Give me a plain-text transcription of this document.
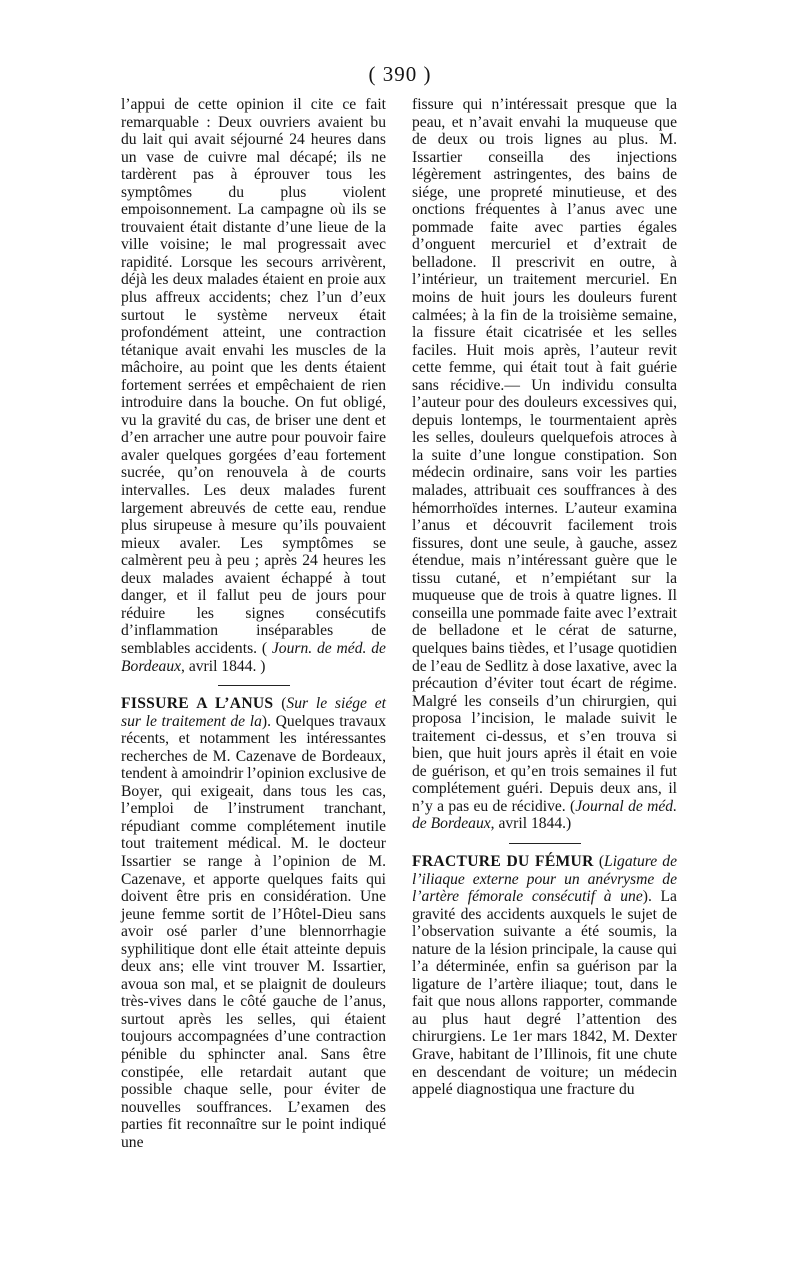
( 390 )

l’appui de cette opinion il cite ce fait remarquable : Deux ouvriers avaient bu du lait qui avait séjourné 24 heures dans un vase de cuivre mal décapé; ils ne tardèrent pas à éprouver tous les symptômes du plus violent empoisonnement. La campagne où ils se trouvaient était distante d’une lieue de la ville voisine; le mal progressait avec rapidité. Lorsque les secours arrivèrent, déjà les deux malades étaient en proie aux plus affreux accidents; chez l’un d’eux surtout le système nerveux était profondément atteint, une contraction tétanique avait envahi les muscles de la mâchoire, au point que les dents étaient fortement serrées et empêchaient de rien introduire dans la bouche. On fut obligé, vu la gravité du cas, de briser une dent et d’en arracher une autre pour pouvoir faire avaler quelques gorgées d’eau fortement sucrée, qu’on renouvela à de courts intervalles. Les deux malades furent largement abreuvés de cette eau, rendue plus sirupeuse à mesure qu’ils pouvaient mieux avaler. Les symptômes se calmèrent peu à peu ; après 24 heures les deux malades avaient échappé à tout danger, et il fallut peu de jours pour réduire les signes consécutifs d’inflammation inséparables de semblables accidents. ( Journ. de méd. de Bordeaux, avril 1844. )

FISSURE A L’ANUS (Sur le siége et sur le traitement de la). Quelques travaux récents, et notamment les intéressantes recherches de M. Cazenave de Bordeaux, tendent à amoindrir l’opinion exclusive de Boyer, qui exigeait, dans tous les cas, l’emploi de l’instrument tranchant, répudiant comme complétement inutile tout traitement médical. M. le docteur Issartier se range à l’opinion de M. Cazenave, et apporte quelques faits qui doivent être pris en considération. Une jeune femme sortit de l’Hôtel-Dieu sans avoir osé parler d’une blennorrhagie syphilitique dont elle était atteinte depuis deux ans; elle vint trouver M. Issartier, avoua son mal, et se plaignit de douleurs très-vives dans le côté gauche de l’anus, surtout après les selles, qui étaient toujours accompagnées d’une contraction pénible du sphincter anal. Sans être constipée, elle retardait autant que possible chaque selle, pour éviter de nouvelles souffrances. L’examen des parties fit reconnaître sur le point indiqué une

fissure qui n’intéressait presque que la peau, et n’avait envahi la muqueuse que de deux ou trois lignes au plus. M. Issartier conseilla des injections légèrement astringentes, des bains de siége, une propreté minutieuse, et des onctions fréquentes à l’anus avec une pommade faite avec parties égales d’onguent mercuriel et d’extrait de belladone. Il prescrivit en outre, à l’intérieur, un traitement mercuriel. En moins de huit jours les douleurs furent calmées; à la fin de la troisième semaine, la fissure était cicatrisée et les selles faciles. Huit mois après, l’auteur revit cette femme, qui était tout à fait guérie sans récidive.— Un individu consulta l’auteur pour des douleurs excessives qui, depuis lontemps, le tourmentaient après les selles, douleurs quelquefois atroces à la suite d’une longue constipation. Son médecin ordinaire, sans voir les parties malades, attribuait ces souffrances à des hémorrhoïdes internes. L’auteur examina l’anus et découvrit facilement trois fissures, dont une seule, à gauche, assez étendue, mais n’intéressant guère que le tissu cutané, et n’empiétant sur la muqueuse que de trois à quatre lignes. Il conseilla une pommade faite avec l’extrait de belladone et le cérat de saturne, quelques bains tièdes, et l’usage quotidien de l’eau de Sedlitz à dose laxative, avec la précaution d’éviter tout écart de régime. Malgré les conseils d’un chirurgien, qui proposa l’incision, le malade suivit le traitement ci-dessus, et s’en trouva si bien, que huit jours après il était en voie de guérison, et qu’en trois semaines il fut complétement guéri. Depuis deux ans, il n’y a pas eu de récidive. (Journal de méd. de Bordeaux, avril 1844.)

FRACTURE DU FÉMUR (Ligature de l’iliaque externe pour un anévrysme de l’artère fémorale consécutif à une). La gravité des accidents auxquels le sujet de l’observation suivante a été soumis, la nature de la lésion principale, la cause qui l’a déterminée, enfin sa guérison par la ligature de l’artère iliaque; tout, dans le fait que nous allons rapporter, commande au plus haut degré l’attention des chirurgiens. Le 1er mars 1842, M. Dexter Grave, habitant de l’Illinois, fit une chute en descendant de voiture; un médecin appelé diagnostiqua une fracture du
